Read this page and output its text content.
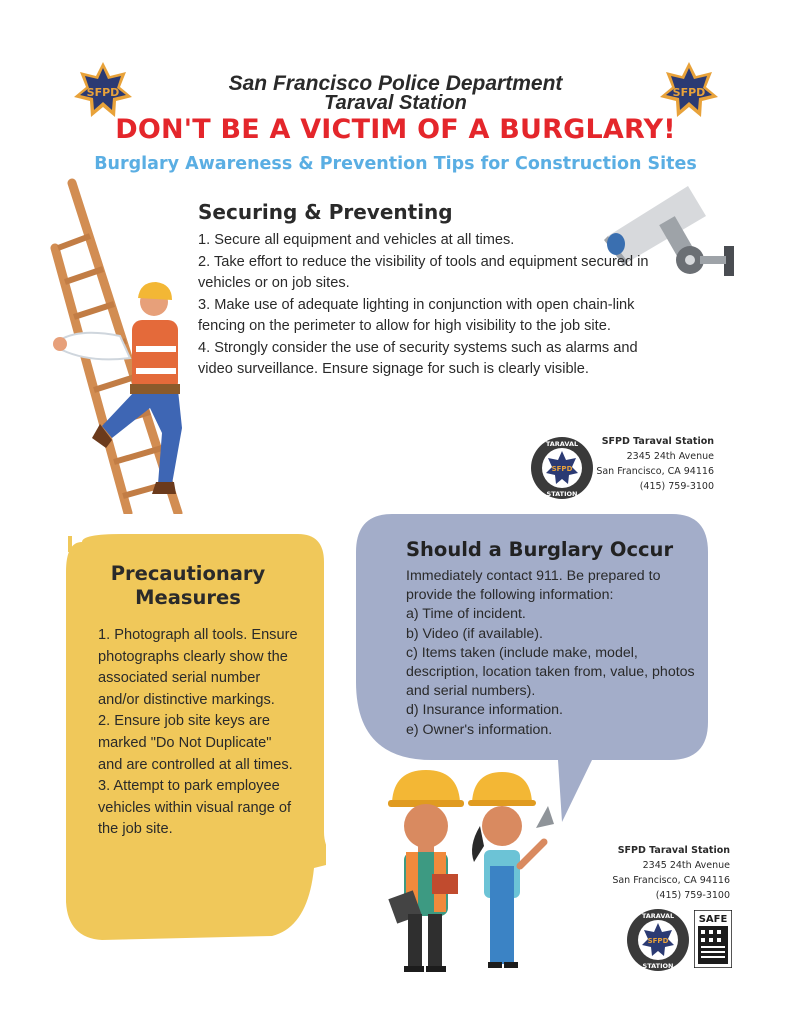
SFPD	SFPD
San Francisco Police Department
Taraval Station
DON'T BE A VICTIM OF A BURGLARY!
Burglary Awareness & Prevention Tips for Construction Sites
Securing & Preventing
1. Secure all equipment and vehicles at all times.
2. Take effort to reduce the visibility of tools and equipment secured in vehicles or on job sites.
3. Make use of adequate lighting in conjunction with open chain-link fencing on the perimeter to allow for high visibility to the job site.
4. Strongly consider the use of security systems such as alarms and video surveillance. Ensure signage for such is clearly visible.
SFPD
TARAVAL
STATION
SFPD Taraval Station
2345 24th Avenue
San Francisco, CA 94116
(415) 759-3100
Precautionary
Measures
1. Photograph all tools. Ensure photographs clearly show the associated serial number and/or distinctive markings.
2. Ensure job site keys are marked "Do Not Duplicate" and are controlled at all times.
3. Attempt to park employee vehicles within visual range of the job site.
Should a Burglary Occur
Immediately contact 911. Be prepared to provide the following information:
a) Time of incident.
b) Video (if available).
c) Items taken (include make, model, description, location taken from, value, photos and serial numbers).
d) Insurance information.
e) Owner's information.
SFPD Taraval Station
2345 24th Avenue
San Francisco, CA 94116
(415) 759-3100
SFPD
TARAVAL
STATION
SAFE
